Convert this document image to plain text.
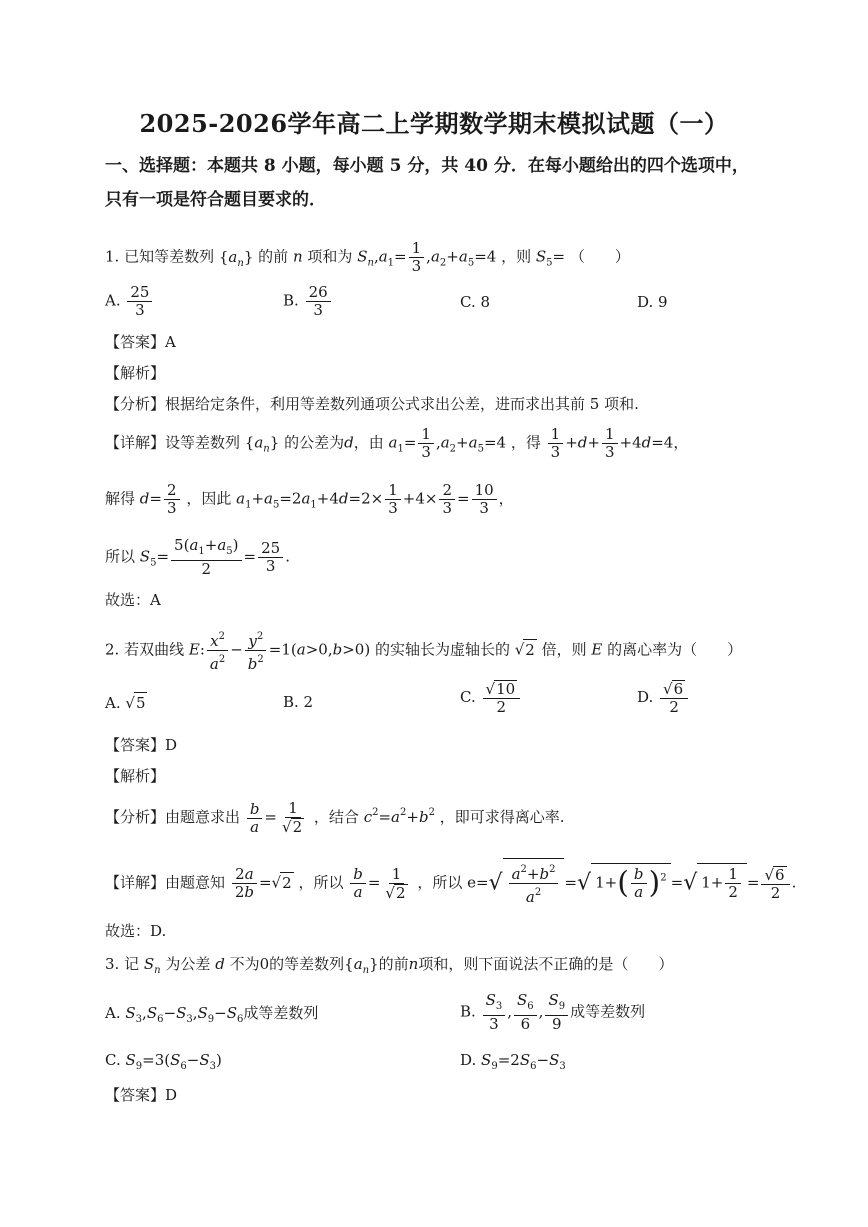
2025-2026学年高二上学期数学期末模拟试题（一）
一、选择题：本题共 8 小题，每小题 5 分，共 40 分．在每小题给出的四个选项中，
只有一项是符合题目要求的．
1. 已知等差数列 $\{a_n\}$ 的前 n 项和为 $S_n,a_1= \frac{1}{3} ,a_2+a_5=4$ ，则 $S_5=$ （　　）
A. $\frac{25}{3}$	B. $\frac{26}{3}$	C. 8	D. 9
【答案】A
【解析】
【分析】根据给定条件，利用等差数列通项公式求出公差，进而求出其前 5 项和.
【详解】设等差数列 $\{a_n\}$ 的公差为d，由 $a_1= \frac{1}{3} ,a_2+a_5=4$ ，得 $\frac{1}{3} +d+ \frac{1}{3} +4d=4$，
解得 $d= \frac{2}{3}$ ，因此 $a_1+a_5=2a_1+4d=2\times \frac{1}{3} +4\times \frac{2}{3} = \frac{10}{3}$ ，
所以 $S_5= \frac{5(a_1+a_5)}{2} = \frac{25}{3}$ .
故选：A
2. 若双曲线 E: $\frac{x^2}{a^2} - \frac{y^2}{b^2} =1(a>0,b>0)$ 的实轴长为虚轴长的 √2 倍，则 E 的离心率为（　　）
A. √5	B. 2	C. $\frac{√10}{2}$	D. $\frac{√6}{2}$
【答案】D
【解析】
【分析】由题意求出 $\frac{b}{a} = \frac{1}{√2}$ ，结合 $c^2=a^2+b^2$ ，即可求得离心率.
【详解】由题意知 $\frac{2a}{2b} =√2$ ，所以 $\frac{b}{a} = \frac{1}{√2}$ ，所以 $e=√ \frac{a^2+b^2}{a^2}$ =√ $1+( \frac{b}{a} )^2$ =√ $1+ \frac{1}{2} = \frac{√6}{2}$ .
故选：D.
3. 记 $S_n$ 为公差 d 不为0的等差数列$\{a_n\}$的前n项和，则下面说法不正确的是（　　）
A. $S_3,S_6-S_3,S_9-S_6$成等差数列	B. $\frac{S_3}{3}$ , $\frac{S_6}{6}$ , $\frac{S_9}{9}$ 成等差数列
C. $S_9=3(S_6-S_3)$	D. $S_9=2S_6-S_3$
【答案】D
